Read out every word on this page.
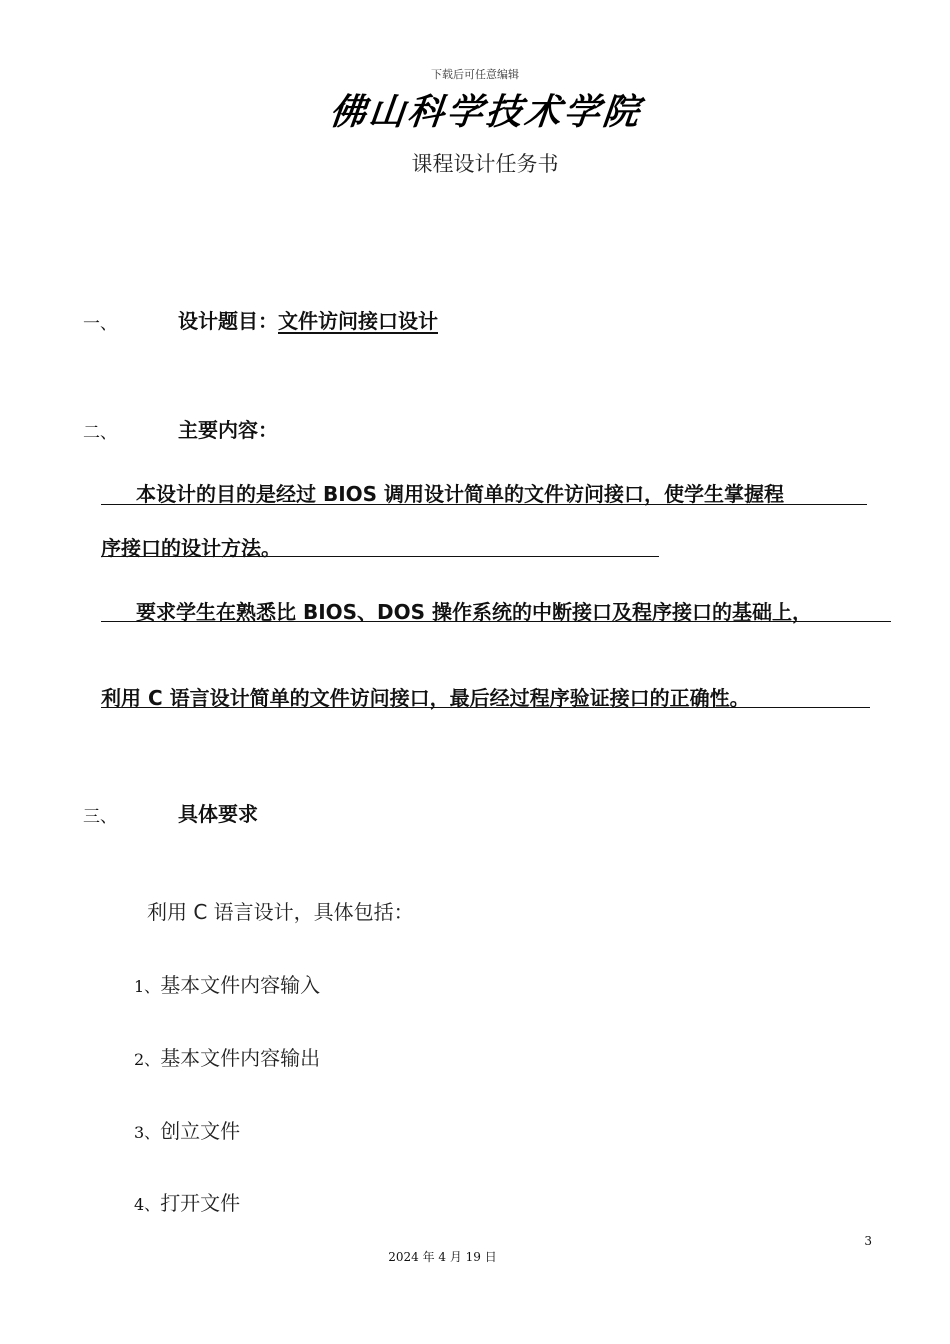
下载后可任意编辑
佛山科学技术学院
课程设计任务书
一、	设计题目：文件访问接口设计
二、	主要内容：
本设计的目的是经过 BIOS 调用设计简单的文件访问接口，使学生掌握程
序接口的设计方法。
要求学生在熟悉比 BIOS、DOS 操作系统的中断接口及程序接口的基础上，
利用 C 语言设计简单的文件访问接口，最后经过程序验证接口的正确性。
三、	具体要求
利用 C 语言设计，具体包括：
1、基本文件内容输入
2、基本文件内容输出
3、创立文件
4、打开文件
3
2024 年 4 月 19 日
